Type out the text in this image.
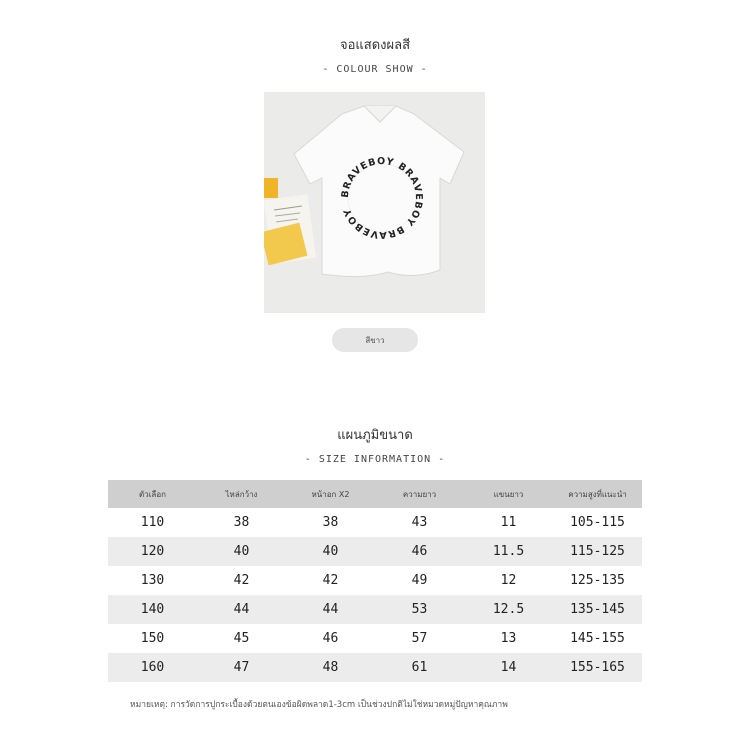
จอแสดงผลสี
- COLOUR SHOW -
BRAVEBOY BRAVEBOY BRAVEBOY
สีขาว
แผนภูมิขนาด
- SIZE INFORMATION -
ตัวเลือก	ไหล่กว้าง	หน้าอก X2	ความยาว	แขนยาว	ความสูงที่แนะนำ
110	38	38	43	11	105-115
120	40	40	46	11.5	115-125
130	42	42	49	12	125-135
140	44	44	53	12.5	135-145
150	45	46	57	13	145-155
160	47	48	61	14	155-165
หมายเหตุ: การวัดการปูกระเบื้องด้วยตนเองข้อผิดพลาด1-3cm เป็นช่วงปกติไม่ใช่หมวดหมู่ปัญหาคุณภาพ
